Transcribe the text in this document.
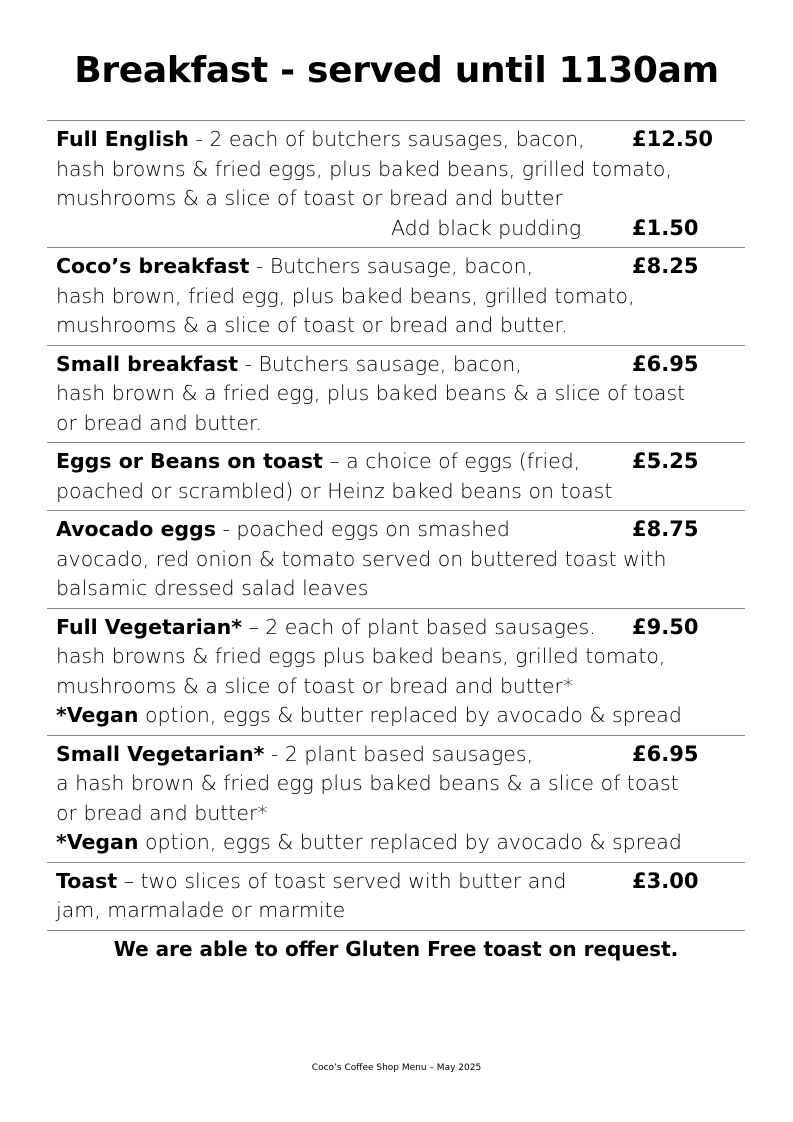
Breakfast - served until 1130am
Full English - 2 each of butchers sausages, bacon, £12.50
hash browns & fried eggs, plus baked beans, grilled tomato,
mushrooms & a slice of toast or bread and butter
Add black pudding £1.50

Coco’s breakfast - Butchers sausage, bacon,	£8.25
hash brown, fried egg, plus baked beans, grilled tomato,
mushrooms & a slice of toast or bread and butter.
Small breakfast - Butchers sausage, bacon,	£6.95
hash brown & a fried egg, plus baked beans & a slice of toast
or bread and butter.
Eggs or Beans on toast – a choice of eggs (fried, £5.25
poached or scrambled) or Heinz baked beans on toast
Avocado eggs - poached eggs on smashed	£8.75
avocado, red onion & tomato served on buttered toast with
balsamic dressed salad leaves
Full Vegetarian* – 2 each of plant based sausages. £9.50
hash browns & fried eggs plus baked beans, grilled tomato,
mushrooms & a slice of toast or bread and butter*
*Vegan option, eggs & butter replaced by avocado & spread
Small Vegetarian* - 2 plant based sausages,	£6.95
a hash brown & fried egg plus baked beans & a slice of toast
or bread and butter*
*Vegan option, eggs & butter replaced by avocado & spread
Toast – two slices of toast served with butter and	£3.00
jam, marmalade or marmite
We are able to offer Gluten Free toast on request.
Coco’s Coffee Shop Menu – May 2025
